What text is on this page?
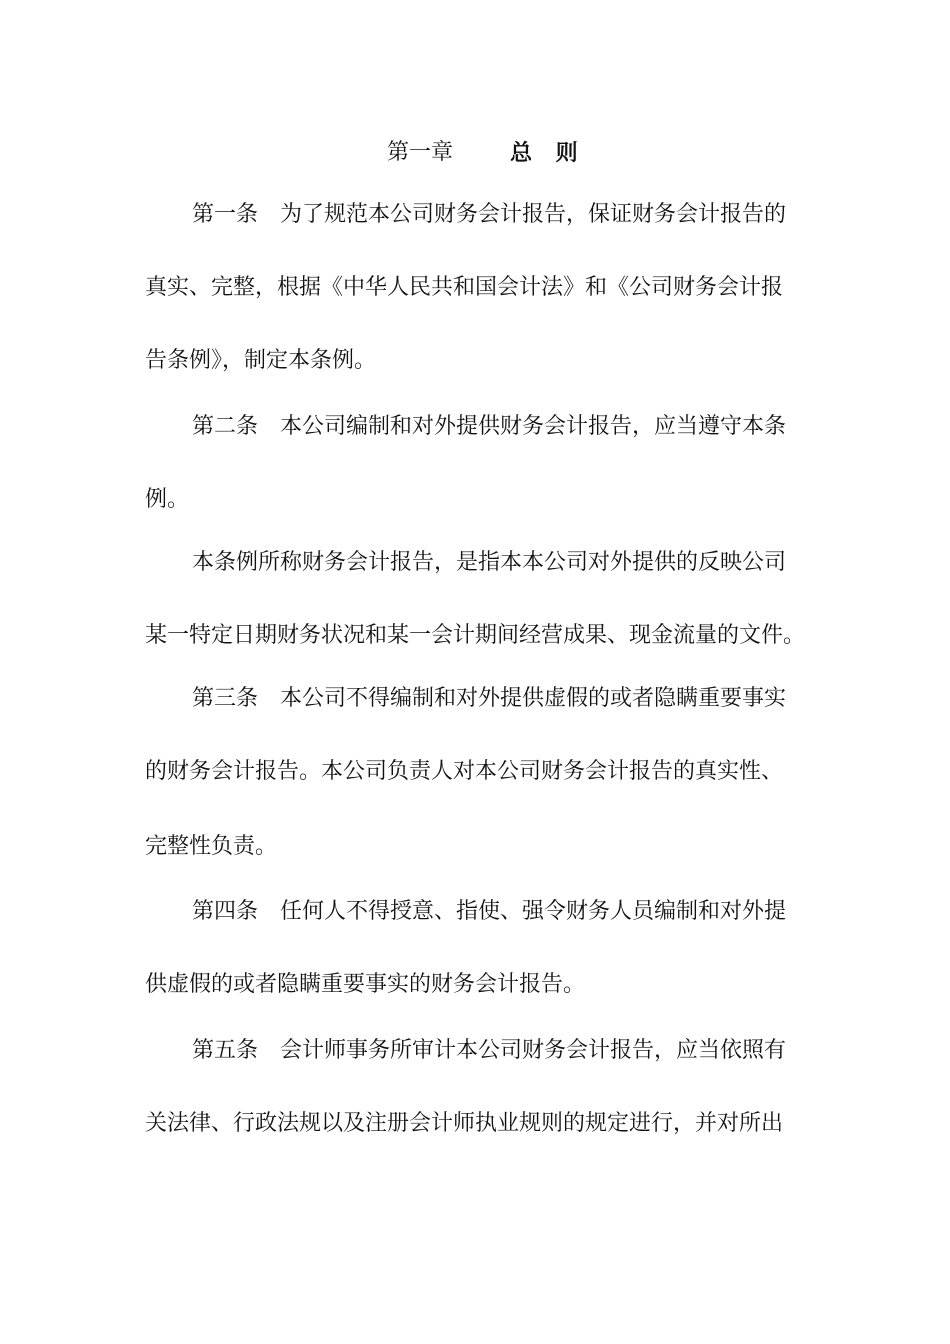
第一章	总 则
第一条 为了规范本公司财务会计报告，保证财务会计报告的
真实、完整，根据《中华人民共和国会计法》和《公司财务会计报
告条例》，制定本条例。
第二条 本公司编制和对外提供财务会计报告，应当遵守本条
例。
本条例所称财务会计报告，是指本本公司对外提供的反映公司
某一特定日期财务状况和某一会计期间经营成果、现金流量的文件。
第三条 本公司不得编制和对外提供虚假的或者隐瞒重要事实
的财务会计报告。本公司负责人对本公司财务会计报告的真实性、
完整性负责。
第四条 任何人不得授意、指使、强令财务人员编制和对外提
供虚假的或者隐瞒重要事实的财务会计报告。
第五条 会计师事务所审计本公司财务会计报告，应当依照有
关法律、行政法规以及注册会计师执业规则的规定进行，并对所出
